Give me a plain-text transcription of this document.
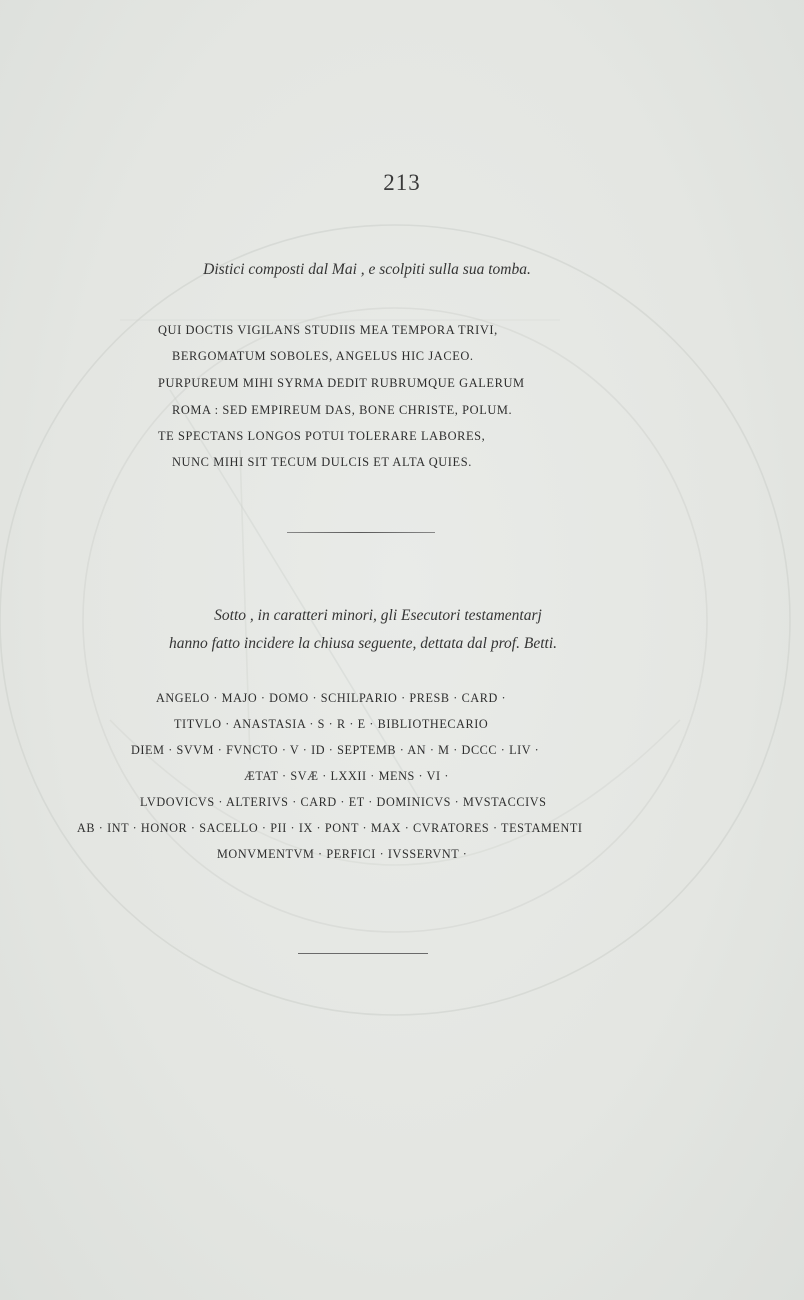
213
Distici composti dal Mai , e scolpiti sulla sua tomba.
QUI DOCTIS VIGILANS STUDIIS MEA TEMPORA TRIVI,
BERGOMATUM SOBOLES, ANGELUS HIC JACEO.
PURPUREUM MIHI SYRMA DEDIT RUBRUMQUE GALERUM
ROMA : SED EMPIREUM DAS, BONE CHRISTE, POLUM.
TE SPECTANS LONGOS POTUI TOLERARE LABORES,
NUNC MIHI SIT TECUM DULCIS ET ALTA QUIES.
Sotto , in caratteri minori, gli Esecutori testamentarj
hanno fatto incidere la chiusa seguente, dettata dal prof. Betti.
ANGELO · MAJO · DOMO · SCHILPARIO · PRESB · CARD ·
TITVLO · ANASTASIA · S · R · E · BIBLIOTHECARIO
DIEM · SVVM · FVNCTO · V · ID · SEPTEMB · AN · M · DCCC · LIV ·
ÆTAT · SVÆ · LXXII · MENS · VI ·
LVDOVICVS · ALTERIVS · CARD · ET · DOMINICVS · MVSTACCIVS
AB · INT · HONOR · SACELLO · PII · IX · PONT · MAX · CVRATORES · TESTAMENTI
MONVMENTVM · PERFICI · IVSSERVNT ·
